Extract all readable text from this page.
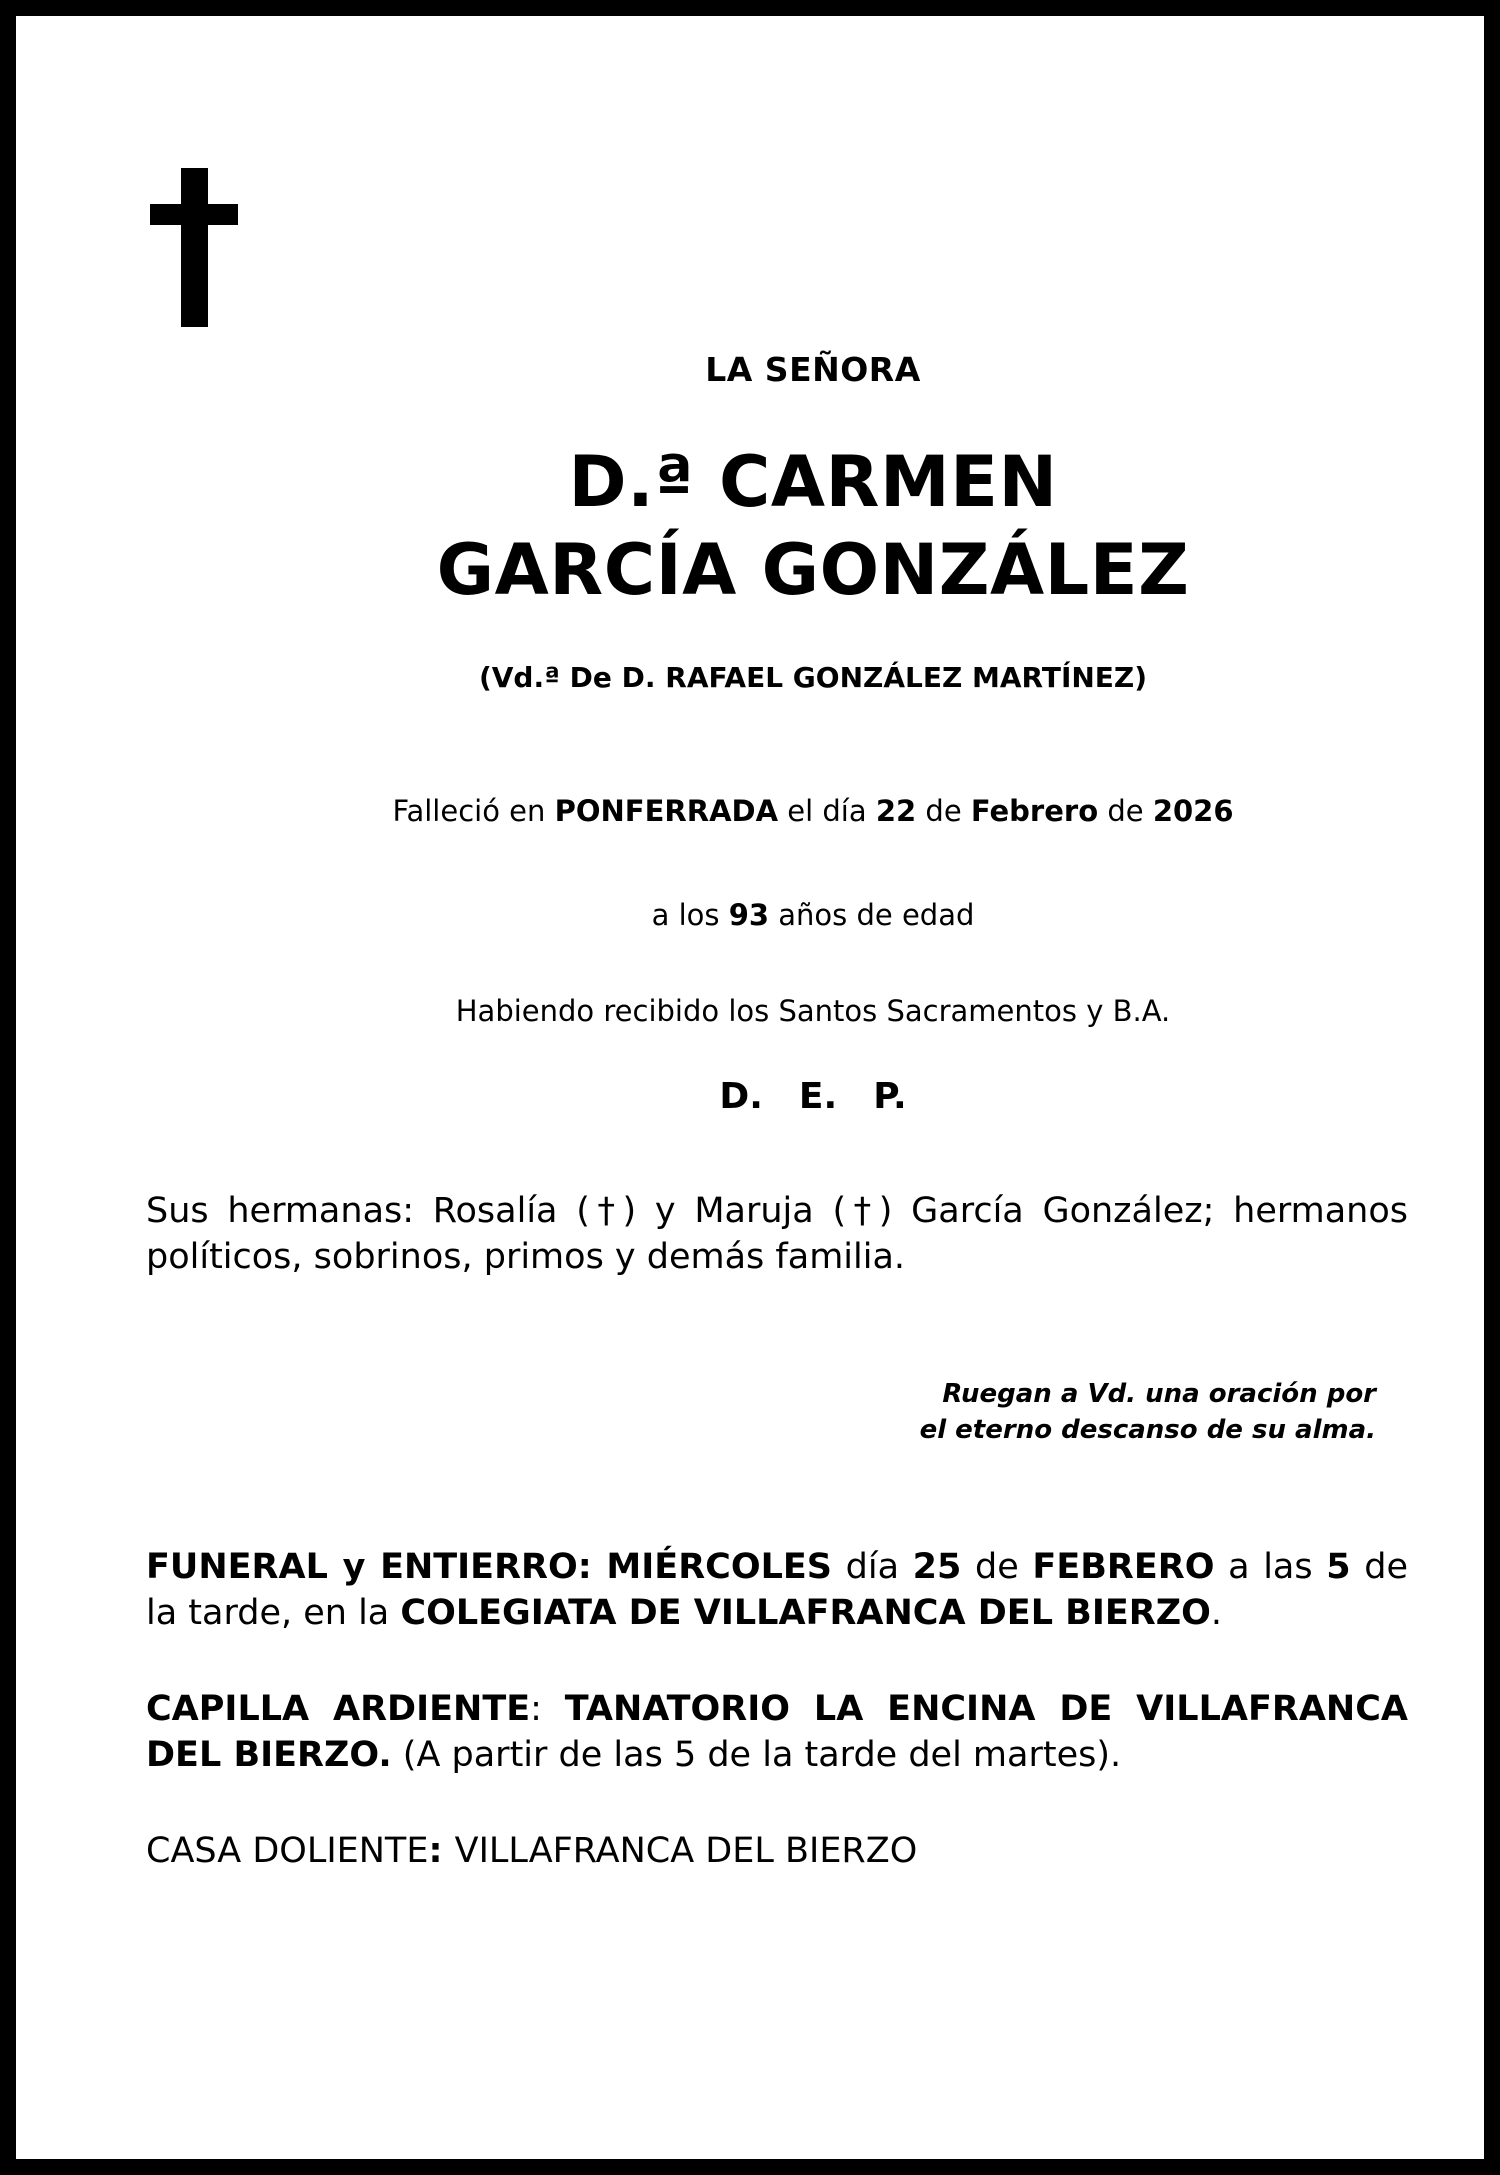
LA SEÑORA
D.ª CARMEN
GARCÍA GONZÁLEZ
(Vd.ª De D. RAFAEL GONZÁLEZ MARTÍNEZ)
Falleció en PONFERRADA el día 22 de Febrero de 2026
a los 93 años de edad
Habiendo recibido los Santos Sacramentos y B.A.
D. E. P.
Sus hermanas: Rosalía (†) y Maruja (†) García González; hermanos políticos, sobrinos, primos y demás familia.
Ruegan a Vd. una oración por
el eterno descanso de su alma.
FUNERAL y ENTIERRO: MIÉRCOLES día 25 de FEBRERO a las 5 de la tarde, en la COLEGIATA DE VILLAFRANCA DEL BIERZO.
CAPILLA ARDIENTE: TANATORIO LA ENCINA DE VILLAFRANCA DEL BIERZO. (A partir de las 5 de la tarde del martes).
CASA DOLIENTE: VILLAFRANCA DEL BIERZO
